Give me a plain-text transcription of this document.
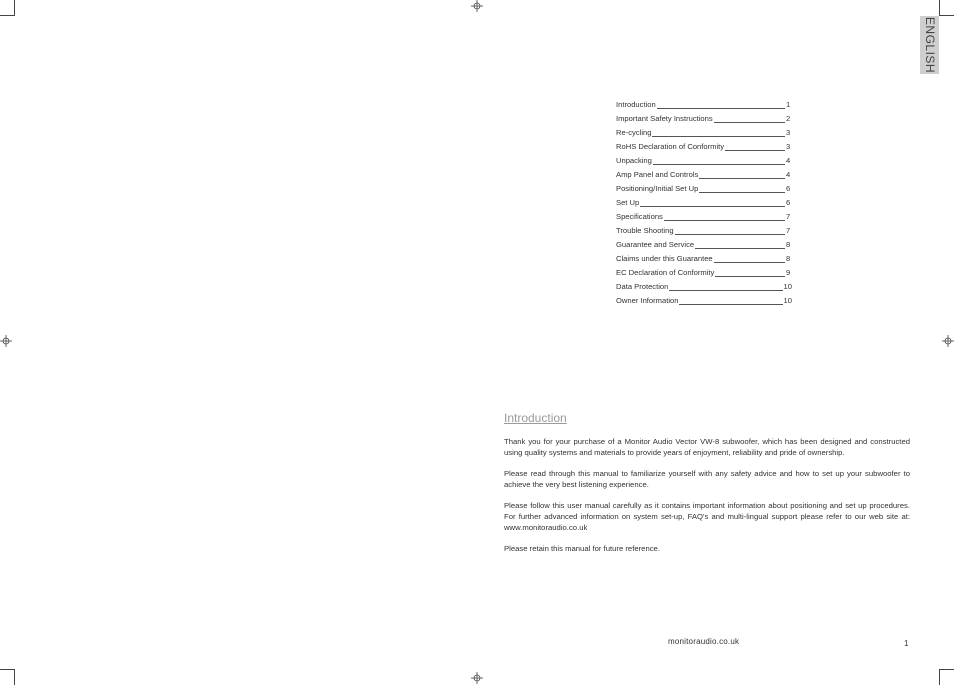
ENGLISH
Introduction	1
Important Safety Instructions	2
Re-cycling	3
RoHS Declaration of Conformity	3
Unpacking	4
Amp Panel and Controls	4
Positioning/Initial Set Up	6
Set Up	6
Specifications	7
Trouble Shooting	7
Guarantee and Service	8
Claims under this Guarantee	8
EC Declaration of Conformity	9
Data Protection	10
Owner Information	10
Introduction

Thank you for your purchase of a Monitor Audio Vector VW-8 subwoofer, which has been designed and constructed using quality systems and materials to provide years of enjoyment, reliability and pride of ownership.

Please read through this manual to familiarize yourself with any safety advice and how to set up your subwoofer to achieve the very best listening experience.

Please follow this user manual carefully as it contains important information about positioning and set up procedures. For further advanced information on system set-up, FAQ's and multi-lingual support please refer to our web site at: www.monitoraudio.co.uk

Please retain this manual for future reference.

monitoraudio.co.uk	1
